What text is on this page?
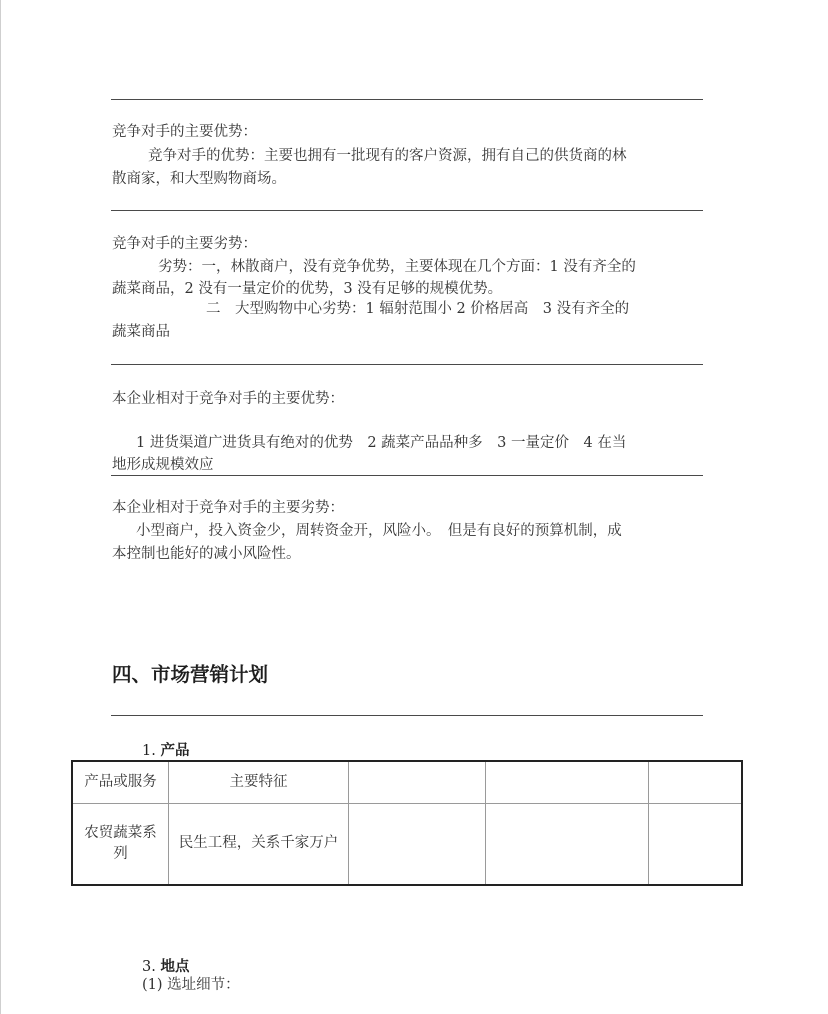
竞争对手的主要优势：
竞争对手的优势：主要也拥有一批现有的客户资源，拥有自己的供货商的林
散商家，和大型购物商场。
竞争对手的主要劣势：
劣势：一，林散商户，没有竞争优势，主要体现在几个方面：1 没有齐全的
蔬菜商品，2 没有一量定价的优势，3 没有足够的规模优势。
二　大型购物中心劣势：1 辐射范围小 2 价格居高　3 没有齐全的
蔬菜商品
本企业相对于竞争对手的主要优势：
1 进货渠道广进货具有绝对的优势　2 蔬菜产品品种多　3 一量定价　4 在当
地形成规模效应
本企业相对于竞争对手的主要劣势：
小型商户，投入资金少，周转资金开，风险小。　但是有良好的预算机制，成
本控制也能好的减小风险性。
四、市场营销计划
1. 产品
产品或服务	主要特征			
农贸蔬菜系列	民生工程，关系千家万户			
3. 地点
(1) 选址细节：
